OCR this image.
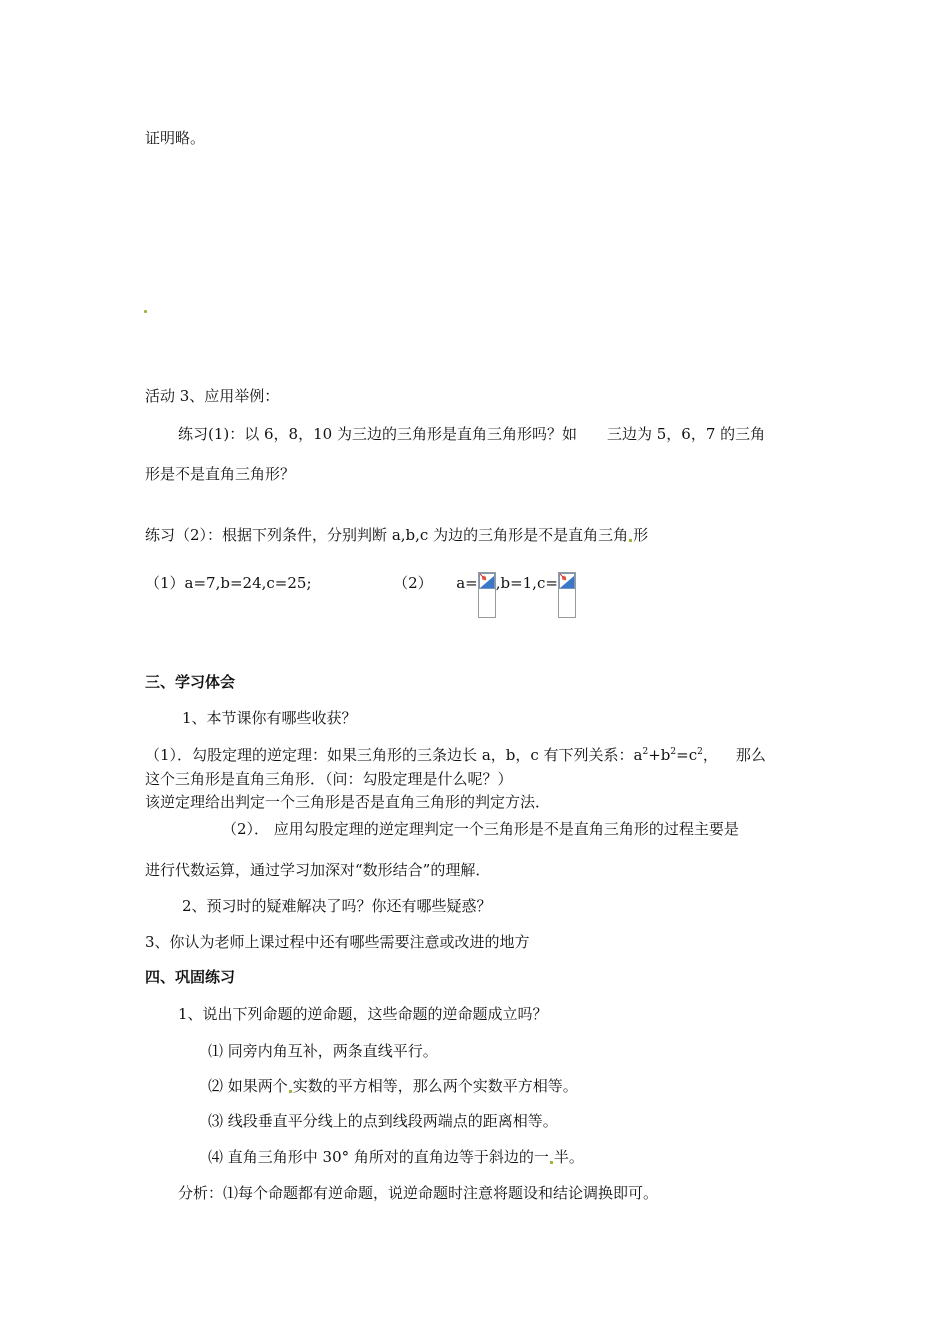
证明略。
活动 3、应用举例：
练习(1)：以 6，8，10 为三边的三角形是直角三角形吗？如 三边为 5，6，7 的三角
形是不是直角三角形？
练习（2）：根据下列条件，分别判断 a,b,c 为边的三角形是不是直角三角 形
（1）a=7,b=24,c=25;	（2） a= ,b=1,c=
三、学习体会
1、本节课你有哪些收获？
（1）．勾股定理的逆定理：如果三角形的三条边长 a，b，c 有下列关系：$a^2+b^2=c^2$， 那么
这个三角形是直角三角形．（问：勾股定理是什么呢？）
该逆定理给出判定一个三角形是否是直角三角形的判定方法．
（2）． 应用勾股定理的逆定理判定一个三角形是不是直角三角形的过程主要是
进行代数运算，通过学习加深对“数形结合”的理解．
2、预习时的疑难解决了吗？你还有哪些疑惑？
3、你认为老师上课过程中还有哪些需要注意或改进的地方
四、巩固练习
1、说出下列命题的逆命题，这些命题的逆命题成立吗？
⑴ 同旁内角互补，两条直线平行。
⑵ 如果两个 实数的平方相等，那么两个实数平方相等。
⑶ 线段垂直平分线上的点到线段两端点的距离相等。
⑷ 直角三角形中 30° 角所对的直角边等于斜边的一 半。
分析：⑴每个命题都有逆命题，说逆命题时注意将题设和结论调换即可。
